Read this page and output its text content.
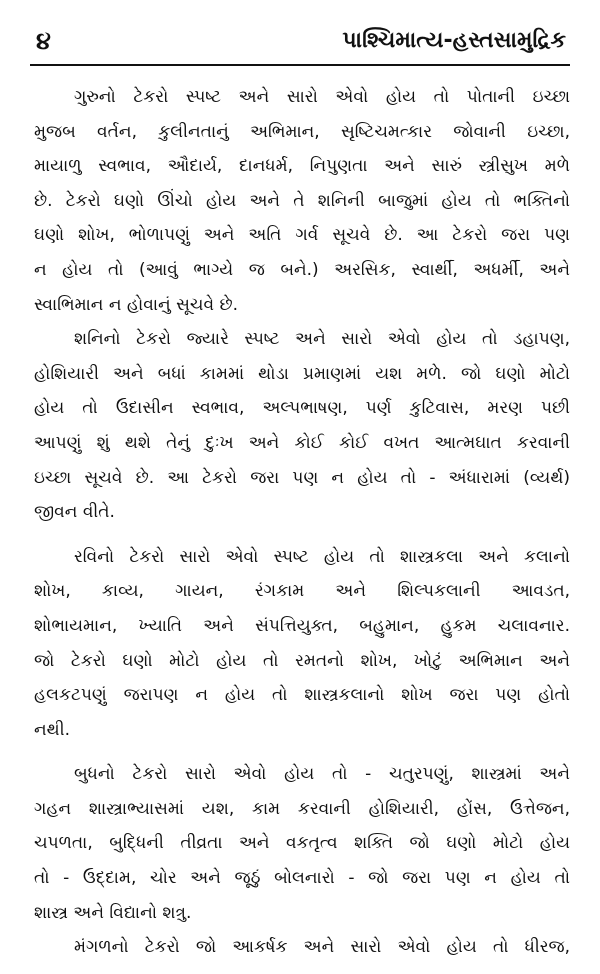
૪	પાશ્ચિમાત્ય-હસ્તસામુદ્રિક
ગુરુનો ટેકરો સ્પષ્ટ અને સારો એવો હોય તો પોતાની ઇચ્છા
મુજબ વર્તન, કુલીનતાનું અભિમાન, સૃષ્ટિચમત્કાર જોવાની ઇચ્છા,
માયાળુ સ્વભાવ, ઔદાર્ય, દાનધર્મ, નિપુણતા અને સારું સ્ત્રીસુખ મળે
છે. ટેકરો ઘણો ઊંચો હોય અને તે શનિની બાજુમાં હોય તો ભક્તિનો
ઘણો શોખ, ભોળાપણું અને અતિ ગર્વ સૂચવે છે. આ ટેકરો જરા પણ
ન હોય તો (આવું ભાગ્યે જ બને.) અરસિક, સ્વાર્થી, અધર્મી, અને
સ્વાભિમાન ન હોવાનું સૂચવે છે.
શનિનો ટેકરો જ્યારે સ્પષ્ટ અને સારો એવો હોય તો ડહાપણ,
હોશિયારી અને બધાં કામમાં થોડા પ્રમાણમાં યશ મળે. જો ઘણો મોટો
હોય તો ઉદાસીન સ્વભાવ, અલ્પભાષણ, પર્ણ કુટિવાસ, મરણ પછી
આપણું શું થશે તેનું દુઃખ અને કોઈ કોઈ વખત આત્મઘાત કરવાની
ઇચ્છા સૂચવે છે. આ ટેકરો જરા પણ ન હોય તો - અંધારામાં (વ્યર્થ)
જીવન વીતે.
રવિનો ટેકરો સારો એવો સ્પષ્ટ હોય તો શાસ્ત્રકલા અને કલાનો
શોખ, કાવ્ય, ગાયન, રંગકામ અને શિલ્પકલાની આવડત,
શોભાયમાન, ખ્યાતિ અને સંપત્તિયુક્ત, બહુમાન, હુકમ ચલાવનાર.
જો ટેકરો ઘણો મોટો હોય તો રમતનો શોખ, ખોટું અભિમાન અને
હલકટપણું જરાપણ ન હોય તો શાસ્ત્રકલાનો શોખ જરા પણ હોતો
નથી.
બુધનો ટેકરો સારો એવો હોય તો - ચતુરપણું, શાસ્ત્રમાં અને
ગહન શાસ્ત્રાભ્યાસમાં યશ, કામ કરવાની હોશિયારી, હોંસ, ઉત્તેજન,
ચપળતા, બુદ્ધિની તીવ્રતા અને વકતૃત્વ શક્તિ જો ઘણો મોટો હોય
તો - ઉદ્દામ, ચોર અને જૂઠું બોલનારો - જો જરા પણ ન હોય તો
શાસ્ત્ર અને વિદ્યાનો શત્રુ.
મંગળનો ટેકરો જો આકર્ષક અને સારો એવો હોય તો ધીરજ,
